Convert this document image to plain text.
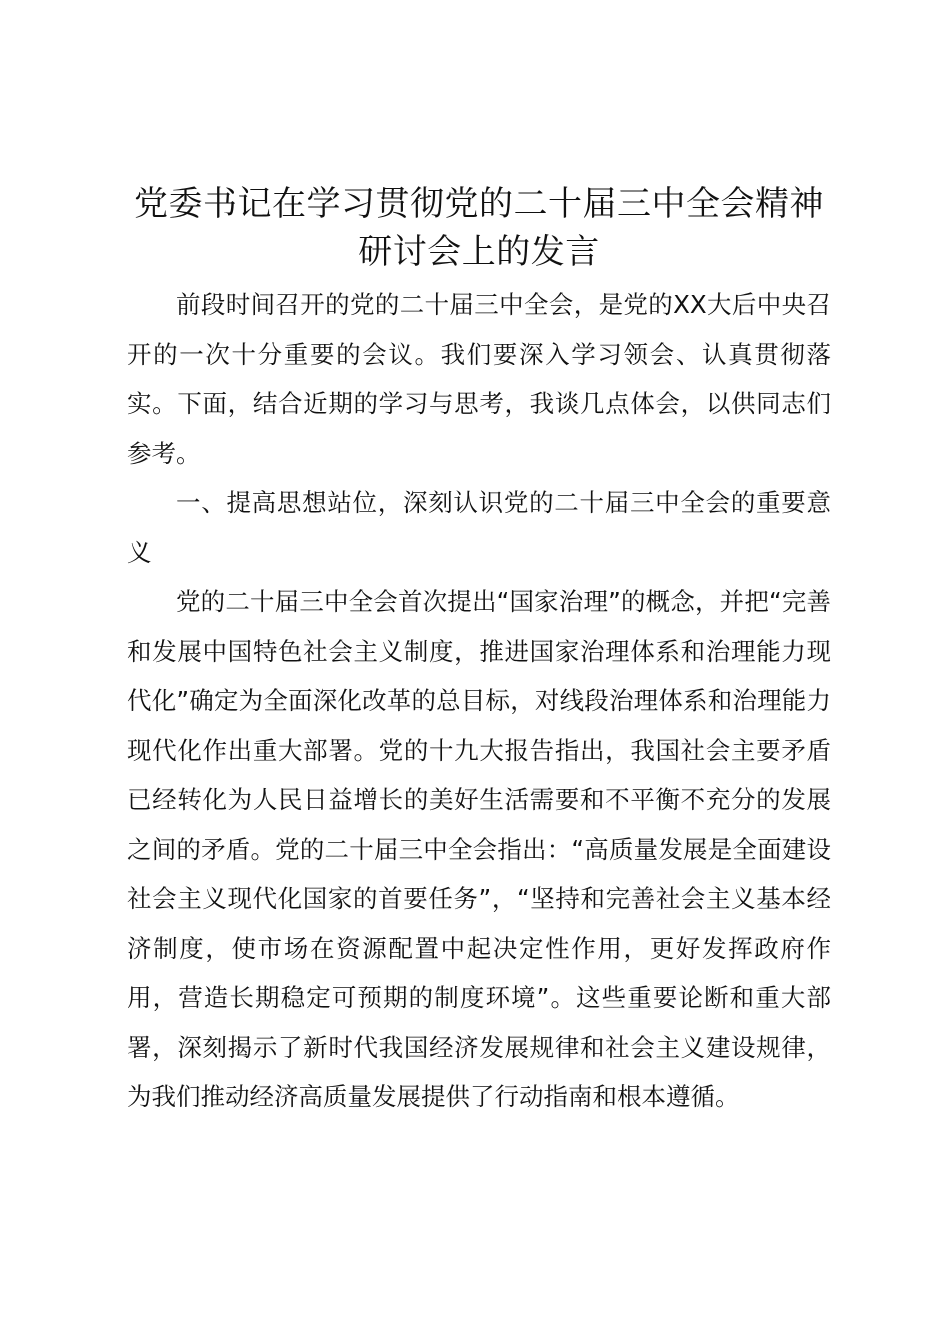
党委书记在学习贯彻党的二十届三中全会精神
研讨会上的发言

前段时间召开的党的二十届三中全会，是党的XX大后中央召开的一次十分重要的会议。我们要深入学习领会、认真贯彻落实。下面，结合近期的学习与思考，我谈几点体会，以供同志们参考。

一、提高思想站位，深刻认识党的二十届三中全会的重要意义

党的二十届三中全会首次提出“国家治理”的概念，并把“完善和发展中国特色社会主义制度，推进国家治理体系和治理能力现代化”确定为全面深化改革的总目标，对线段治理体系和治理能力现代化作出重大部署。党的十九大报告指出，我国社会主要矛盾已经转化为人民日益增长的美好生活需要和不平衡不充分的发展之间的矛盾。党的二十届三中全会指出：“高质量发展是全面建设社会主义现代化国家的首要任务”，“坚持和完善社会主义基本经济制度，使市场在资源配置中起决定性作用，更好发挥政府作用，营造长期稳定可预期的制度环境”。这些重要论断和重大部署，深刻揭示了新时代我国经济发展规律和社会主义建设规律，为我们推动经济高质量发展提供了行动指南和根本遵循。
